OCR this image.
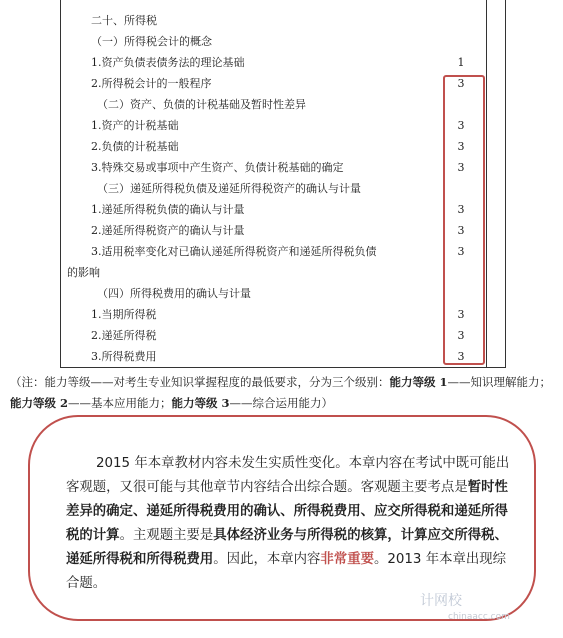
二十、所得税
（一）所得税会计的概念
1.资产负债表债务法的理论基础	1
2.所得税会计的一般程序	3
（二）资产、负债的计税基础及暂时性差异
1.资产的计税基础	3
2.负债的计税基础	3
3.特殊交易或事项中产生资产、负债计税基础的确定	3
（三）递延所得税负债及递延所得税资产的确认与计量
1.递延所得税负债的确认与计量	3
2.递延所得税资产的确认与计量	3
3.适用税率变化对已确认递延所得税资产和递延所得税负债	3
的影响
（四）所得税费用的确认与计量
1.当期所得税	3
2.递延所得税	3
3.所得税费用	3
（注：能力等级——对考生专业知识掌握程度的最低要求，分为三个级别：能力等级 1——知识理解能力；能力等级 2——基本应用能力；能力等级 3——综合运用能力）

2015 年本章教材内容未发生实质性变化。本章内容在考试中既可能出客观题，又很可能与其他章节内容结合出综合题。客观题主要考点是暂时性差异的确定、递延所得税费用的确认、所得税费用、应交所得税和递延所得税的计算。主观题主要是具体经济业务与所得税的核算，计算应交所得税、递延所得税和所得税费用。因此，本章内容非常重要。2013 年本章出现综合题。

计网校
chinaacc.com
